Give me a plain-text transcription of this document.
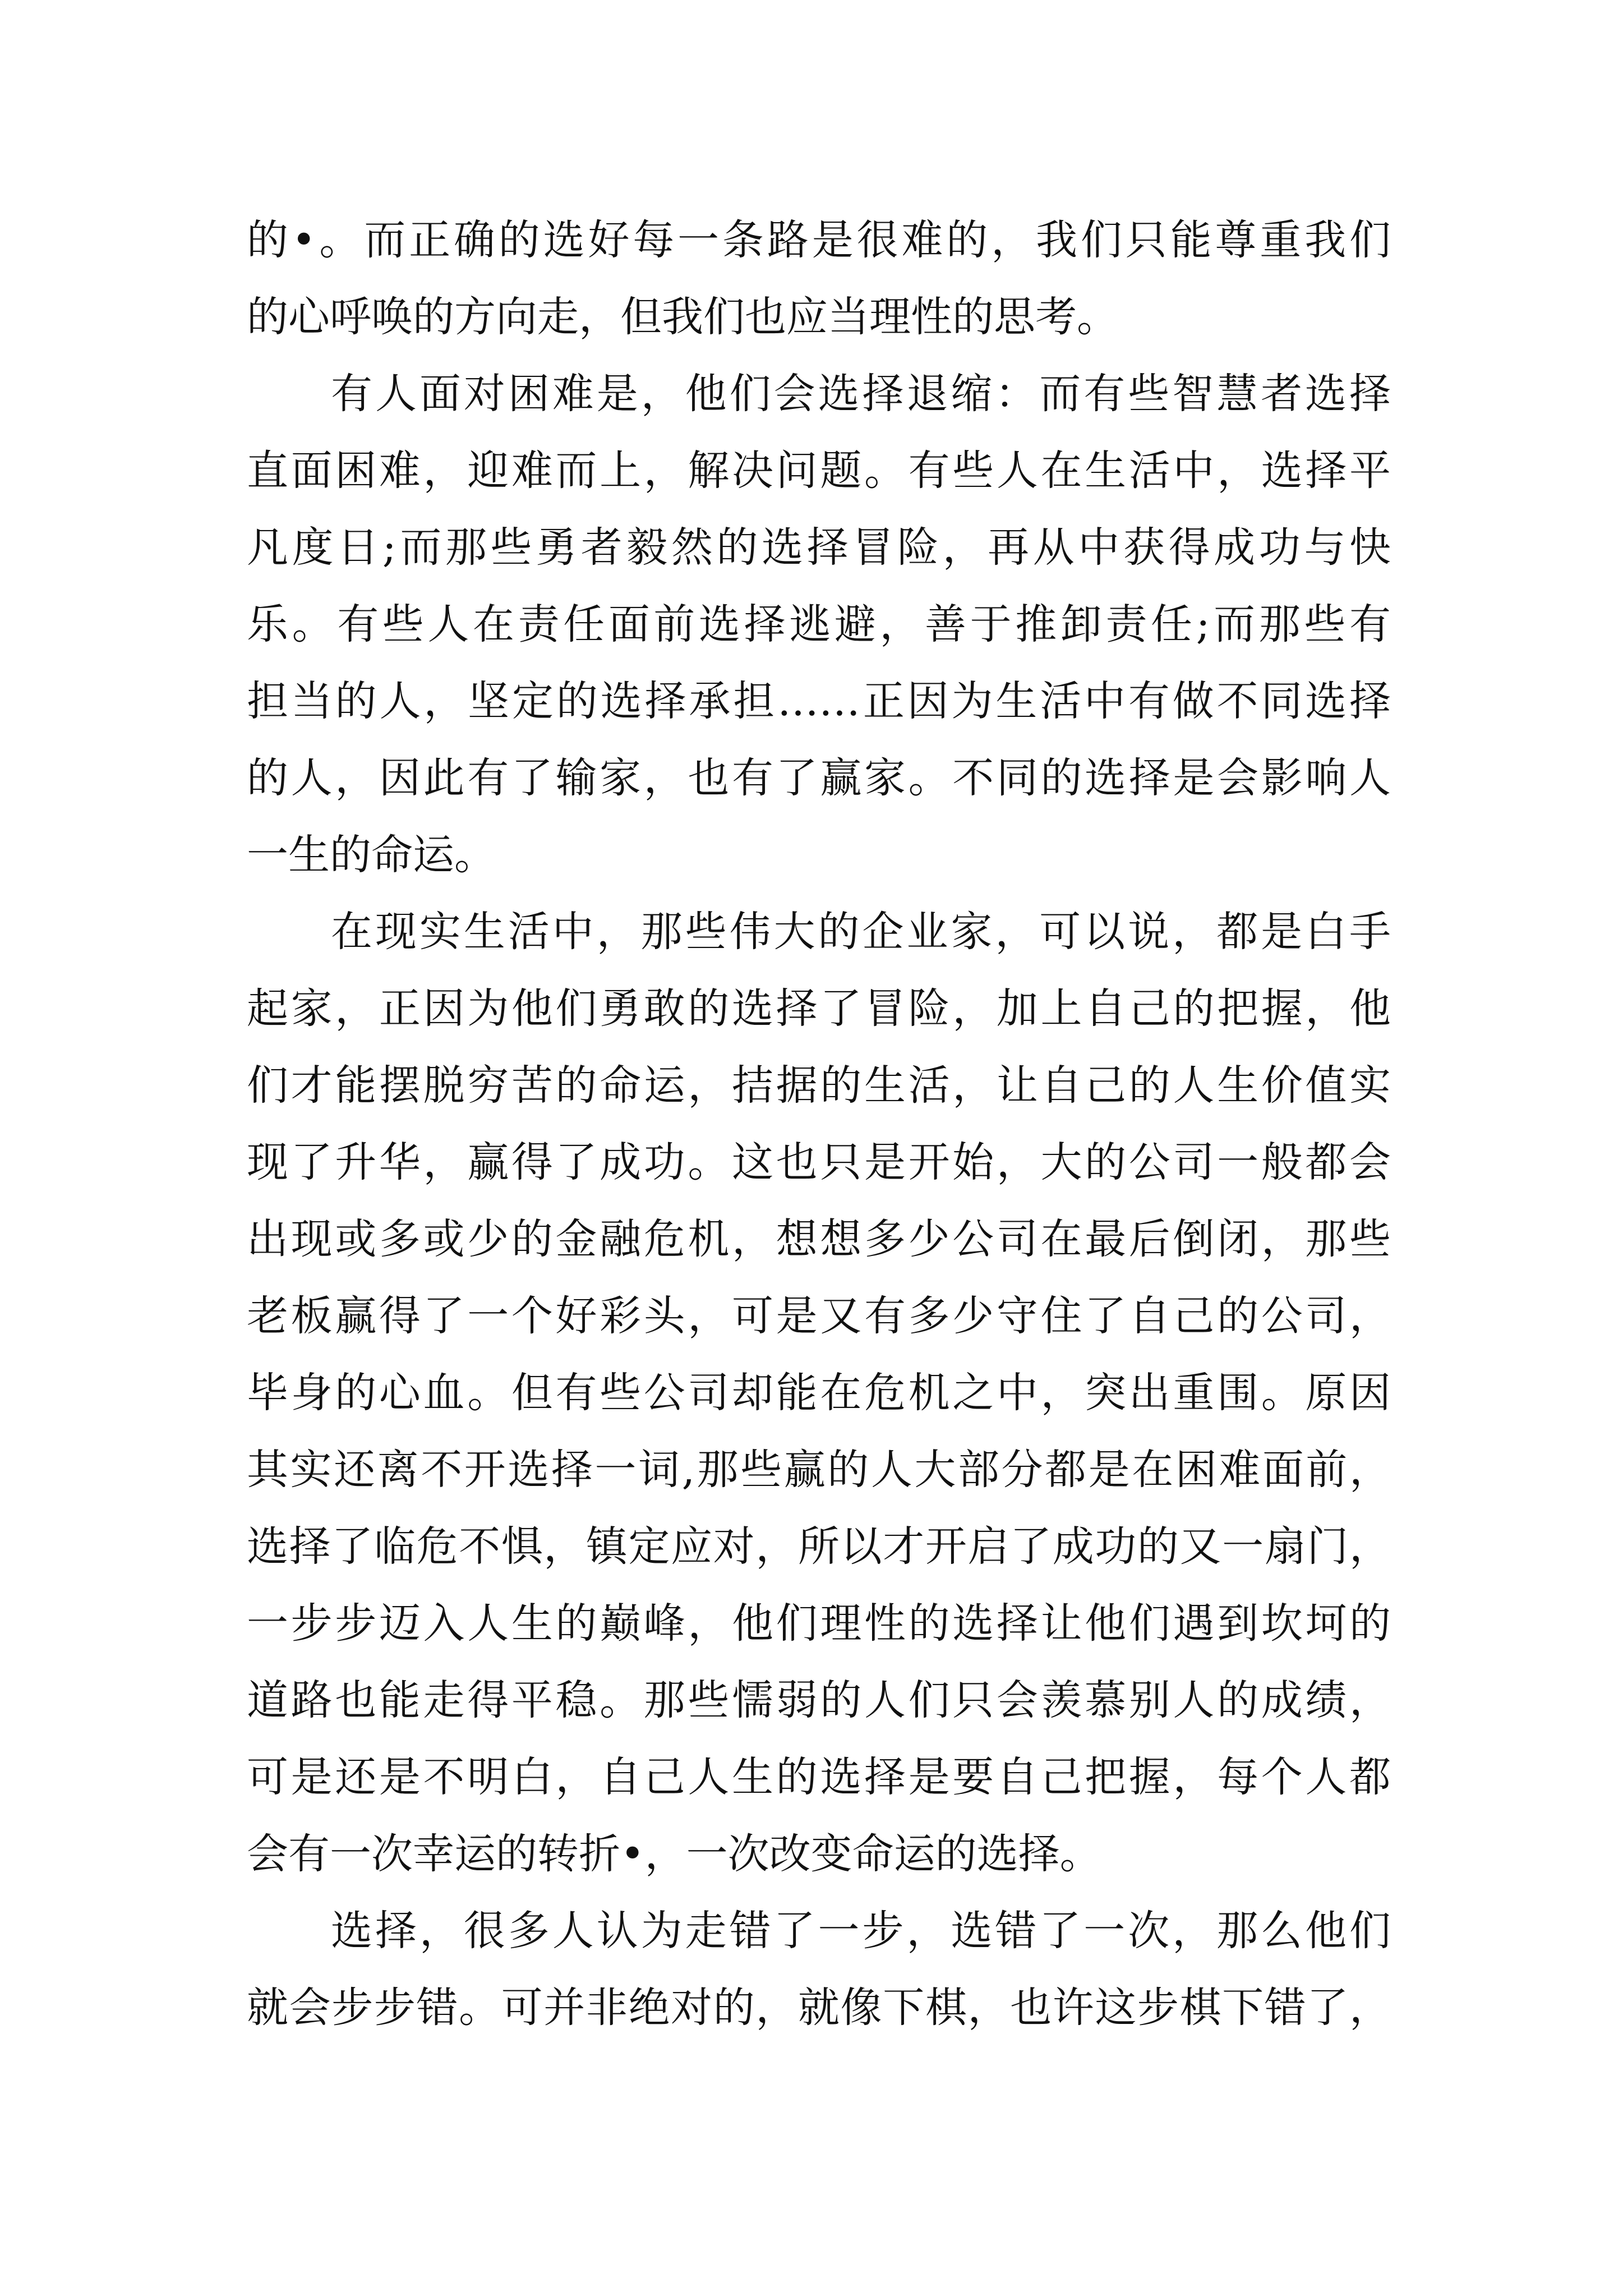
的•。而正确的选好每一条路是很难的，我们只能尊重我们
的心呼唤的方向走，但我们也应当理性的思考。
有人面对困难是，他们会选择退缩：而有些智慧者选择
直面困难，迎难而上，解决问题。有些人在生活中，选择平
凡度日;而那些勇者毅然的选择冒险，再从中获得成功与快
乐。有些人在责任面前选择逃避，善于推卸责任;而那些有
担当的人，坚定的选择承担……正因为生活中有做不同选择
的人，因此有了输家，也有了赢家。不同的选择是会影响人
一生的命运。
在现实生活中，那些伟大的企业家，可以说，都是白手
起家，正因为他们勇敢的选择了冒险，加上自己的把握，他
们才能摆脱穷苦的命运，拮据的生活，让自己的人生价值实
现了升华，赢得了成功。这也只是开始，大的公司一般都会
出现或多或少的金融危机，想想多少公司在最后倒闭，那些
老板赢得了一个好彩头，可是又有多少守住了自己的公司，
毕身的心血。但有些公司却能在危机之中，突出重围。原因
其实还离不开选择一词,那些赢的人大部分都是在困难面前，
选择了临危不惧，镇定应对，所以才开启了成功的又一扇门，
一步步迈入人生的巅峰，他们理性的选择让他们遇到坎坷的
道路也能走得平稳。那些懦弱的人们只会羡慕别人的成绩，
可是还是不明白，自己人生的选择是要自己把握，每个人都
会有一次幸运的转折•，一次改变命运的选择。
选择，很多人认为走错了一步，选错了一次，那么他们
就会步步错。可并非绝对的，就像下棋，也许这步棋下错了，
